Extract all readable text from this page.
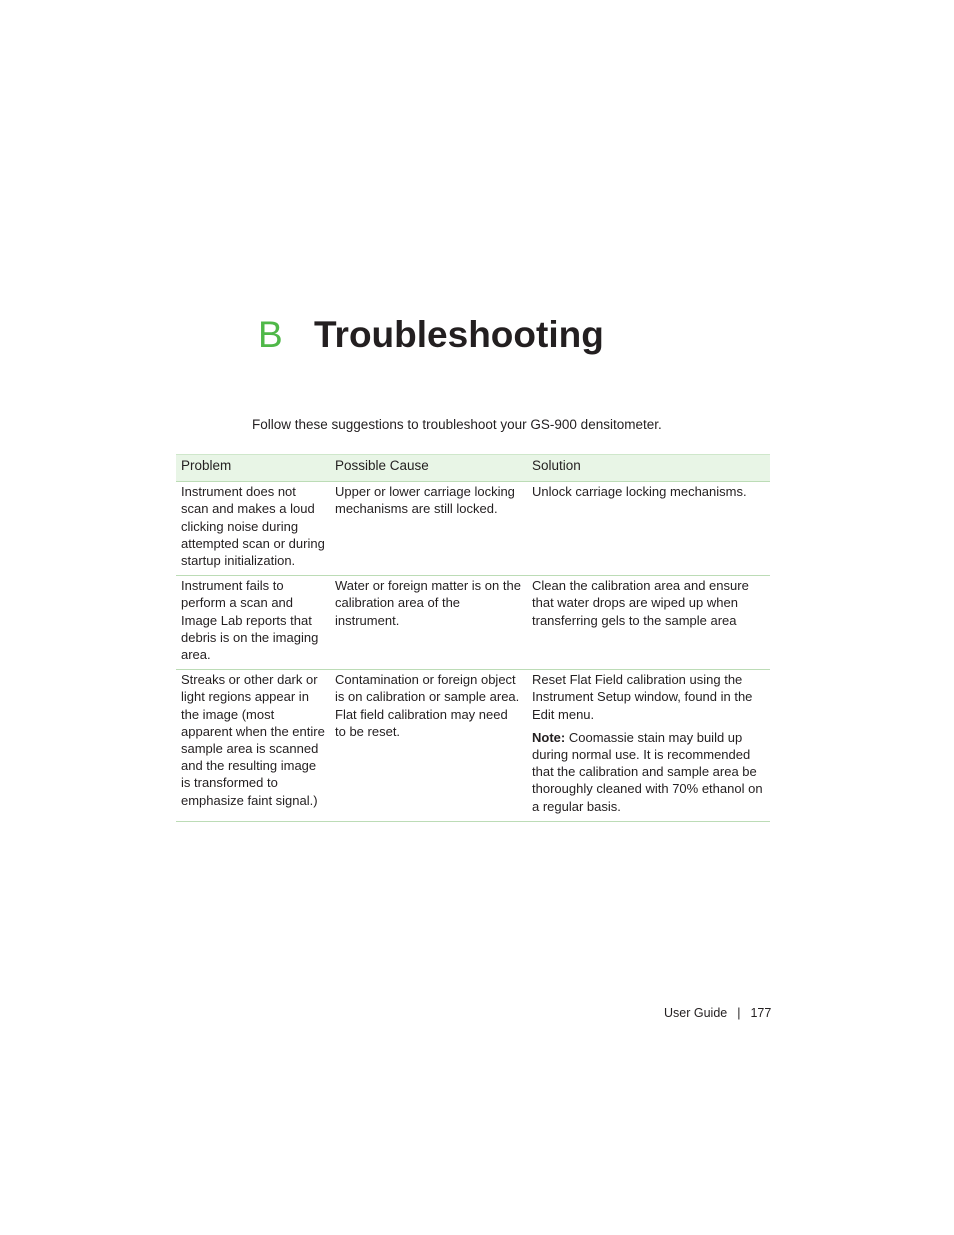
B Troubleshooting
Follow these suggestions to troubleshoot your GS-900 densitometer.
Problem	Possible Cause	Solution

Instrument does not scan and makes a loud clicking noise during attempted scan or during startup initialization.	Upper or lower carriage locking mechanisms are still locked.	Unlock carriage locking mechanisms.

Instrument fails to perform a scan and Image Lab reports that debris is on the imaging area.	Water or foreign matter is on the calibration area of the instrument.	Clean the calibration area and ensure that water drops are wiped up when transferring gels to the sample area

Streaks or other dark or light regions appear in the image (most apparent when the entire sample area is scanned and the resulting image is transformed to emphasize faint signal.)	Contamination or foreign object is on calibration or sample area. Flat field calibration may need to be reset.	Reset Flat Field calibration using the Instrument Setup window, found in the Edit menu.

Note: Coomassie stain may build up during normal use. It is recommended that the calibration and sample area be thoroughly cleaned with 70% ethanol on a regular basis.

User Guide | 177
